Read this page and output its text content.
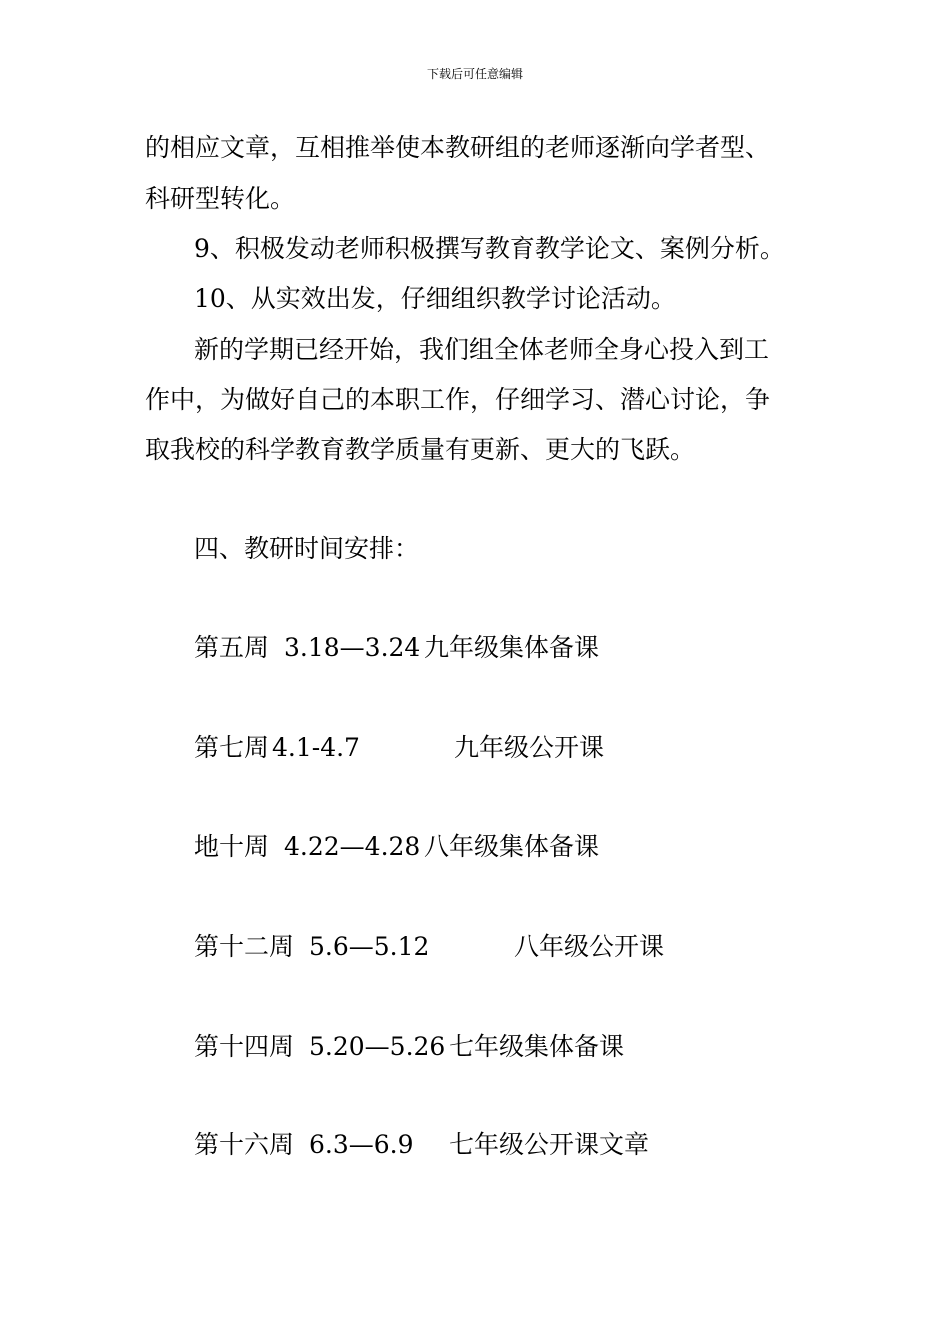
下载后可任意编辑
的相应文章，互相推举使本教研组的老师逐渐向学者型、
科研型转化。
9、积极发动老师积极撰写教育教学论文、案例分析。
10、从实效出发，仔细组织教学讨论活动。
新的学期已经开始，我们组全体老师全身心投入到工
作中，为做好自己的本职工作，仔细学习、潜心讨论，争
取我校的科学教育教学质量有更新、更大的飞跃。
四、教研时间安排：

第五周

3.18—3.24

九年级集体备课

第七周

4.1-4.7

	九年级公开课

地十周

4.22—4.28

八年级集体备课

第十二周

5.6—5.12

	八年级公开课

第十四周

5.20—5.26

七年级集体备课

第十六周

6.3—6.9

七年级公开课文章
